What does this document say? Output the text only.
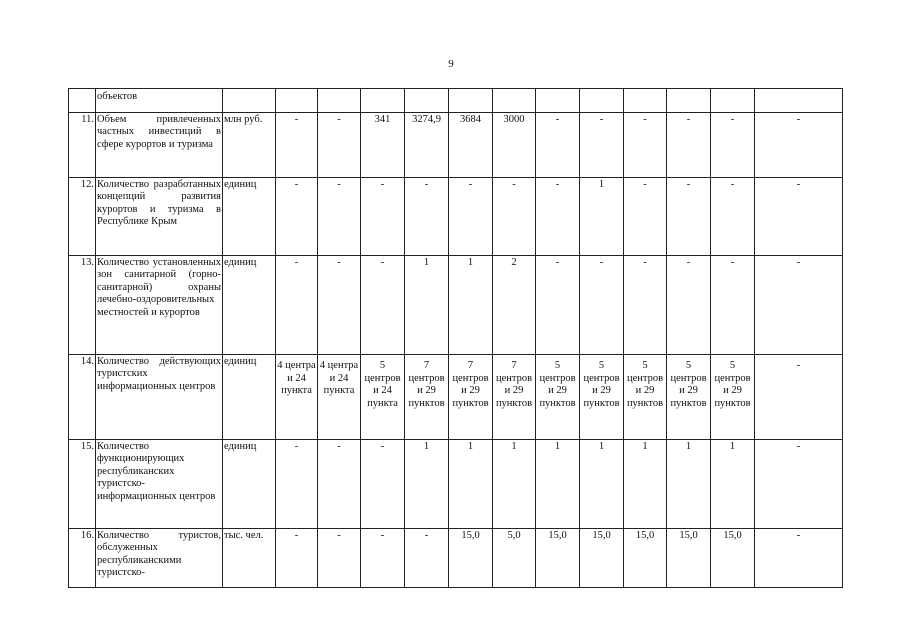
9
	объектов													
11.	Объем привлеченных частных инвестиций в сфере курортов и туризма	млн руб.	-	-	341	3274,9	3684	3000	-	-	-	-	-	-
12.	Количество разработанных концепций развития курортов и туризма в Республике Крым	единиц	-	-	-	-	-	-	-	1	-	-	-	-
13.	Количество установленных зон санитарной (горно-санитарной) охраны лечебно-оздоровительных местностей и курортов	единиц	-	-	-	1	1	2	-	-	-	-	-	-
14.	Количество действующих туристских информационных центров	единиц	4 центра и 24 пункта	4 центра и 24 пункта	5 центров и 24 пункта	7 центров и 29 пунктов	7 центров и 29 пунктов	7 центров и 29 пунктов	5 центров и 29 пунктов	5 центров и 29 пунктов	5 центров и 29 пунктов	5 центров и 29 пунктов	5 центров и 29 пунктов	-
15.	Количество функционирующих республиканских туристско-информационных центров	единиц	-	-	-	1	1	1	1	1	1	1	1	-
16.	Количество туристов, обслуженных республиканскими туристско-	тыс. чел.	-	-	-	-	15,0	5,0	15,0	15,0	15,0	15,0	15,0	-
